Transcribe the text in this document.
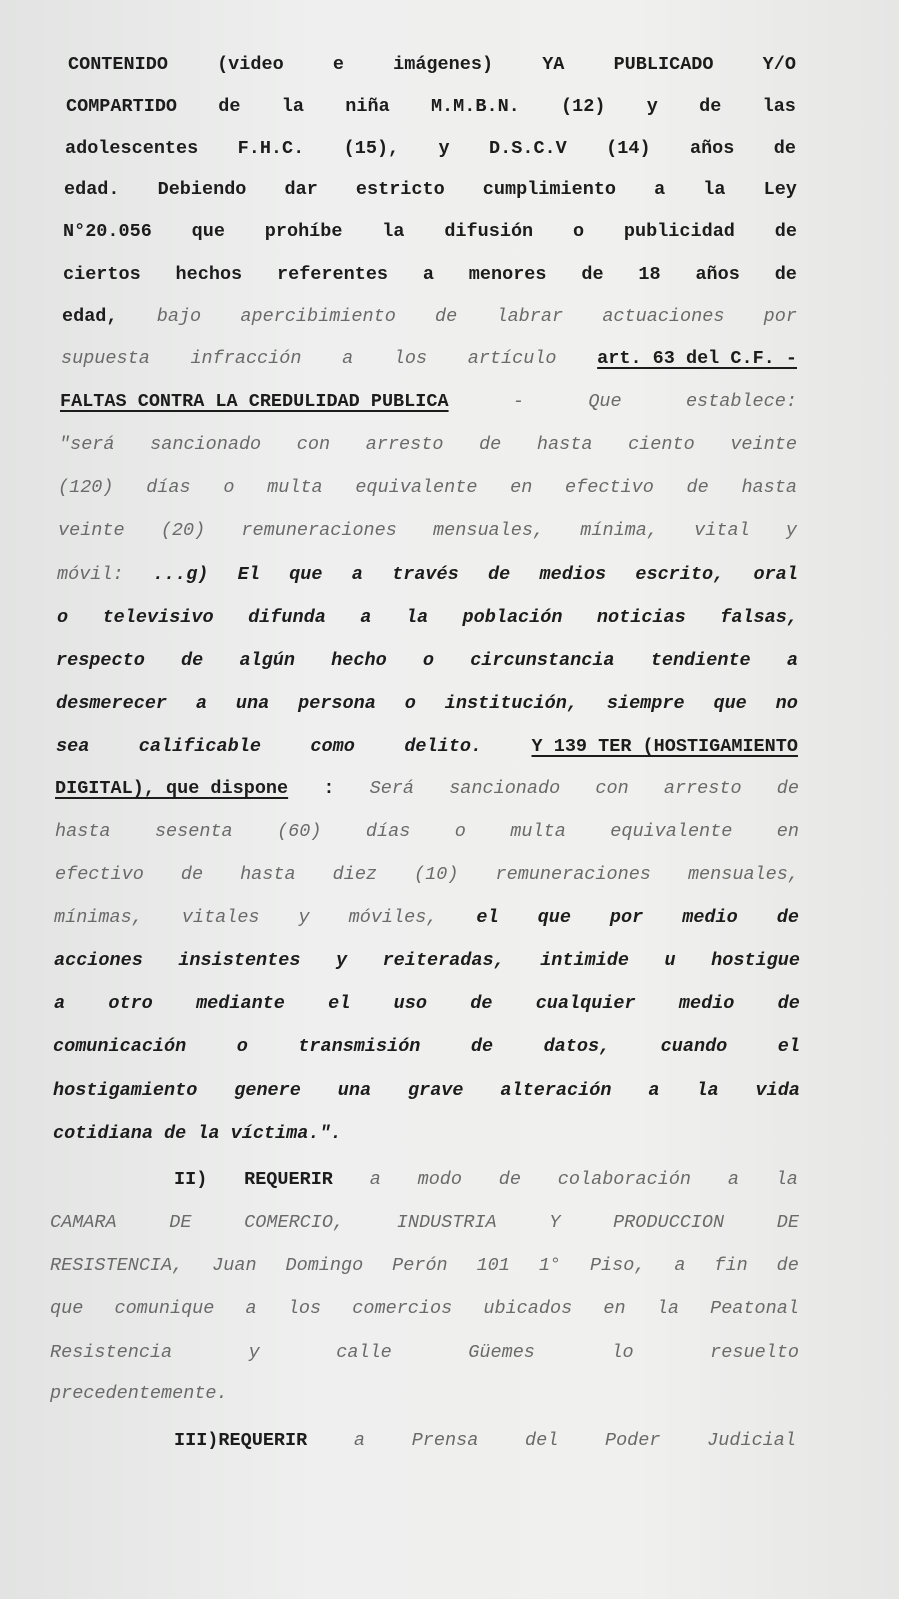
CONTENIDO	(video	e	imágenes)	YA	PUBLICADO	Y/O
COMPARTIDO de la niña M.M.B.N. (12) y de las
adolescentes F.H.C. (15), y D.S.C.V (14) años de
edad. Debiendo dar estricto cumplimiento a la Ley
N°20.056 que prohíbe la difusión o publicidad de
ciertos hechos referentes a menores de 18 años de
edad, bajo apercibimiento de labrar actuaciones por
supuesta infracción a los artículo art. 63 del C.F. -
FALTAS CONTRA LA CREDULIDAD PUBLICA	-	Que	establece:
"será sancionado con arresto de hasta ciento veinte
(120) días o multa equivalente en efectivo de hasta
veinte (20) remuneraciones mensuales, mínima, vital y
móvil: ...g) El que a través de medios escrito, oral
o televisivo difunda a la población noticias falsas,
respecto de algún hecho o circunstancia tendiente a
desmerecer a una persona o institución, siempre que no
sea	calificable	como	delito.	Y 139 TER (HOSTIGAMIENTO
DIGITAL), que dispone : Será sancionado con arresto de
hasta sesenta (60) días o multa equivalente en
efectivo de hasta diez (10) remuneraciones mensuales,
mínimas, vitales y móviles, el que por medio de
acciones insistentes y reiteradas, intimide u hostigue
a otro mediante el uso de cualquier medio de
comunicación	o	transmisión	de	datos,	cuando	el
hostigamiento genere una grave alteración a la vida
cotidiana de la víctima.".
II) REQUERIR a modo de colaboración a la
CAMARA	DE	COMERCIO,	INDUSTRIA	Y	PRODUCCION	DE
RESISTENCIA, Juan Domingo Perón 101 1° Piso, a fin de
que comunique a los comercios ubicados en la Peatonal
Resistencia	y	calle	Güemes	lo	resuelto
precedentemente.
III)REQUERIR	a	Prensa	del	Poder	Judicial
